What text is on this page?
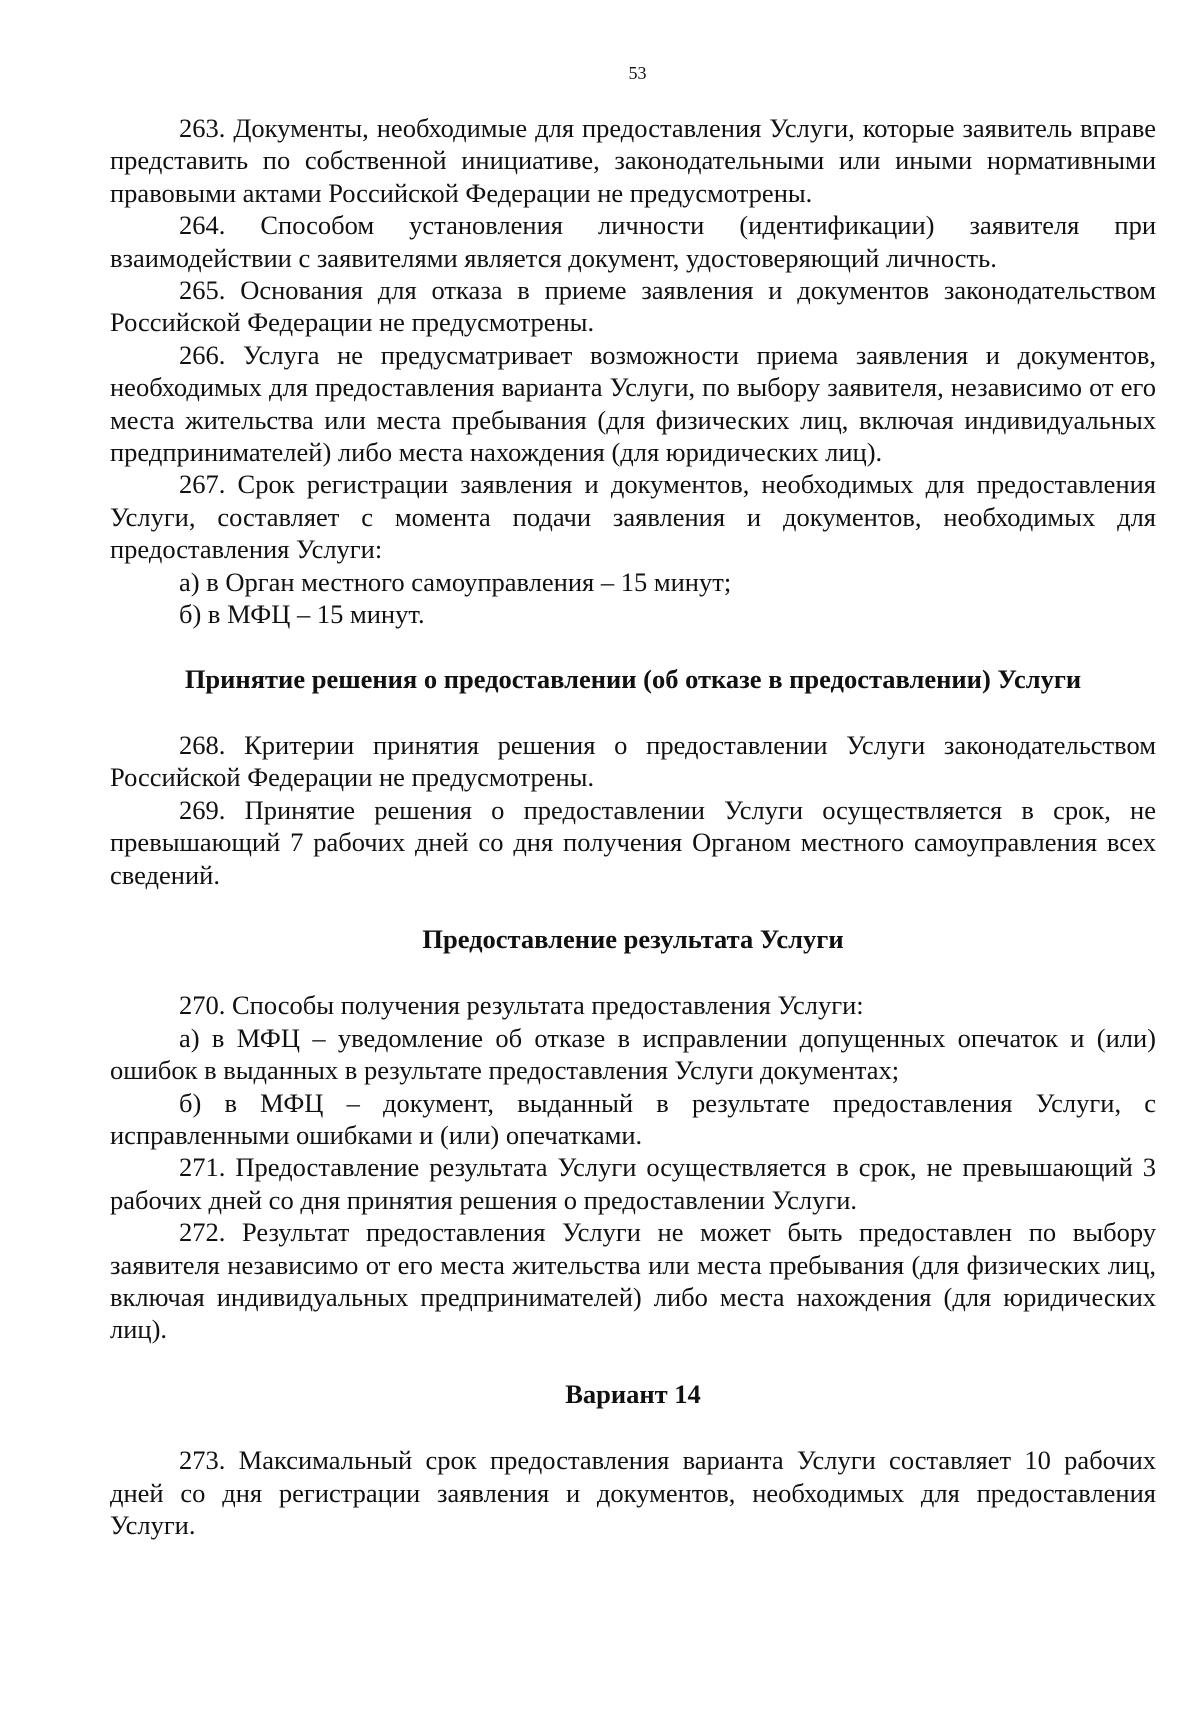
53

263. Документы, необходимые для предоставления Услуги, которые заявитель вправе представить по собственной инициативе, законодательными или иными нормативными правовыми актами Российской Федерации не предусмотрены.

264. Способом установления личности (идентификации) заявителя при взаимодействии с заявителями является документ, удостоверяющий личность.

265. Основания для отказа в приеме заявления и документов законодательством Российской Федерации не предусмотрены.

266. Услуга не предусматривает возможности приема заявления и документов, необходимых для предоставления варианта Услуги, по выбору заявителя, независимо от его места жительства или места пребывания (для физических лиц, включая индивидуальных предпринимателей) либо места нахождения (для юридических лиц).

267. Срок регистрации заявления и документов, необходимых для предоставления Услуги, составляет с момента подачи заявления и документов, необходимых для предоставления Услуги:

а) в Орган местного самоуправления – 15 минут;

б) в МФЦ – 15 минут.

Принятие решения о предоставлении (об отказе в предоставлении) Услуги

268. Критерии принятия решения о предоставлении Услуги законодательством Российской Федерации не предусмотрены.

269. Принятие решения о предоставлении Услуги осуществляется в срок, не превышающий 7 рабочих дней со дня получения Органом местного самоуправления всех сведений.

Предоставление результата Услуги

270. Способы получения результата предоставления Услуги:

а) в МФЦ – уведомление об отказе в исправлении допущенных опечаток и (или) ошибок в выданных в результате предоставления Услуги документах;

б) в МФЦ – документ, выданный в результате предоставления Услуги, с исправленными ошибками и (или) опечатками.

271. Предоставление результата Услуги осуществляется в срок, не превышающий 3 рабочих дней со дня принятия решения о предоставлении Услуги.

272. Результат предоставления Услуги не может быть предоставлен по выбору заявителя независимо от его места жительства или места пребывания (для физических лиц, включая индивидуальных предпринимателей) либо места нахождения (для юридических лиц).

Вариант 14

273. Максимальный срок предоставления варианта Услуги составляет 10 рабочих дней со дня регистрации заявления и документов, необходимых для предоставления Услуги.
